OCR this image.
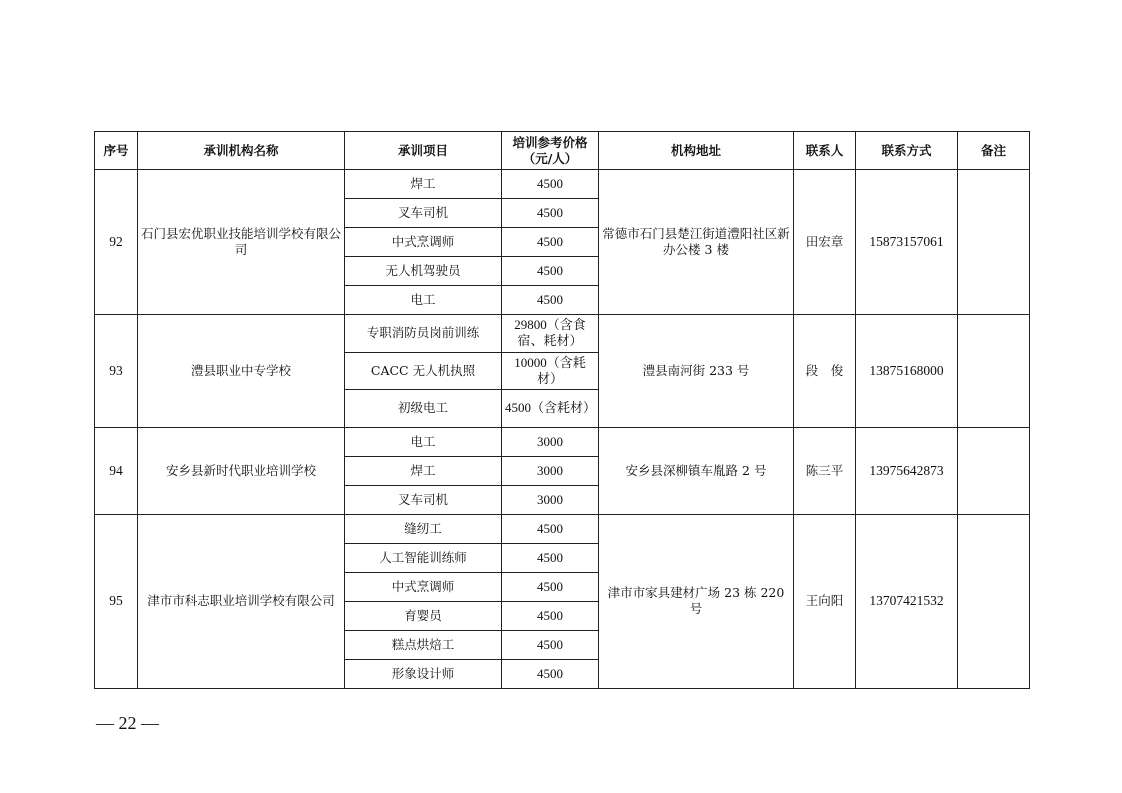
序号	承训机构名称	承训项目	培训参考价格（元/人）	机构地址	联系人	联系方式	备注
92	石门县宏优职业技能培训学校有限公司	焊工	4500	常德市石门县楚江街道澧阳社区新办公楼 3 楼	田宏章	15873157061	
		叉车司机	4500				
		中式烹调师	4500				
		无人机驾驶员	4500				
		电工	4500				
93	澧县职业中专学校	专职消防员岗前训练	29800（含食宿、耗材）	澧县南河街 233 号	段　俊	13875168000	
		CACC 无人机执照	10000（含耗材）				
		初级电工	4500（含耗材）				
94	安乡县新时代职业培训学校	电工	3000	安乡县深柳镇车胤路 2 号	陈三平	13975642873	
		焊工	3000				
		叉车司机	3000				
95	津市市科志职业培训学校有限公司	缝纫工	4500	津市市家具建材广场 23 栋 220 号	王向阳	13707421532	
		人工智能训练师	4500				
		中式烹调师	4500				
		育婴员	4500				
		糕点烘焙工	4500				
		形象设计师	4500				
— 22 —
